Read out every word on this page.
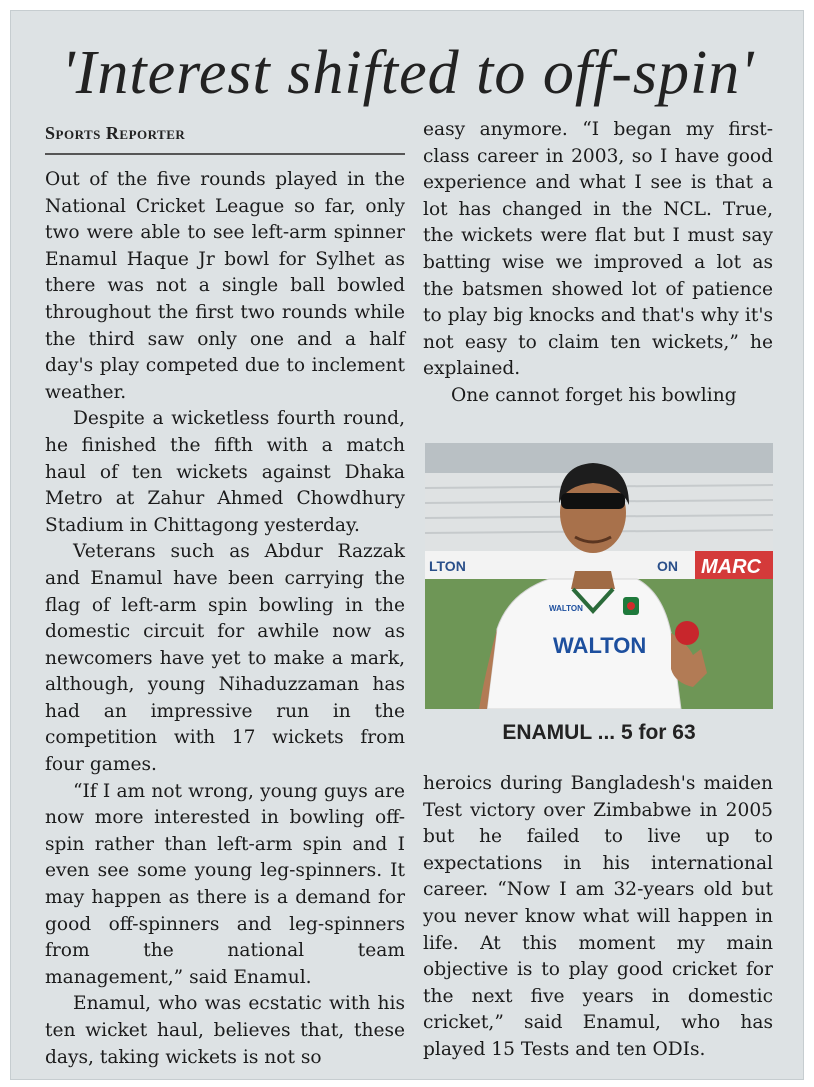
'Interest shifted to off-spin'
Sports Reporter

Out of the five rounds played in the National Cricket League so far, only two were able to see left-arm spinner Enamul Haque Jr bowl for Sylhet as there was not a single ball bowled throughout the first two rounds while the third saw only one and a half day's play competed due to inclement weather.

Despite a wicketless fourth round, he finished the fifth with a match haul of ten wickets against Dhaka Metro at Zahur Ahmed Chowdhury Stadium in Chittagong yesterday.

Veterans such as Abdur Razzak and Enamul have been carrying the flag of left-arm spin bowling in the domestic circuit for awhile now as newcomers have yet to make a mark, although, young Nihaduzzaman has had an impressive run in the competition with 17 wickets from four games.

“If I am not wrong, young guys are now more interested in bowling off-spin rather than left-arm spin and I even see some young leg-spinners. It may happen as there is a demand for good off-spinners and leg-spinners from the national team management,” said Enamul.

Enamul, who was ecstatic with his ten wicket haul, believes that, these days, taking wickets is not so

easy anymore. “I began my first-class career in 2003, so I have good experience and what I see is that a lot has changed in the NCL. True, the wickets were flat but I must say batting wise we improved a lot as the batsmen showed lot of patience to play big knocks and that's why it's not easy to claim ten wickets,” he explained.

One cannot forget his bowling

LTON	ON MARC
WALTON
WALTON
ENAMUL ... 5 for 63

heroics during Bangladesh's maiden Test victory over Zimbabwe in 2005 but he failed to live up to expectations in his international career. “Now I am 32-years old but you never know what will happen in life. At this moment my main objective is to play good cricket for the next five years in domestic cricket,” said Enamul, who has played 15 Tests and ten ODIs.
